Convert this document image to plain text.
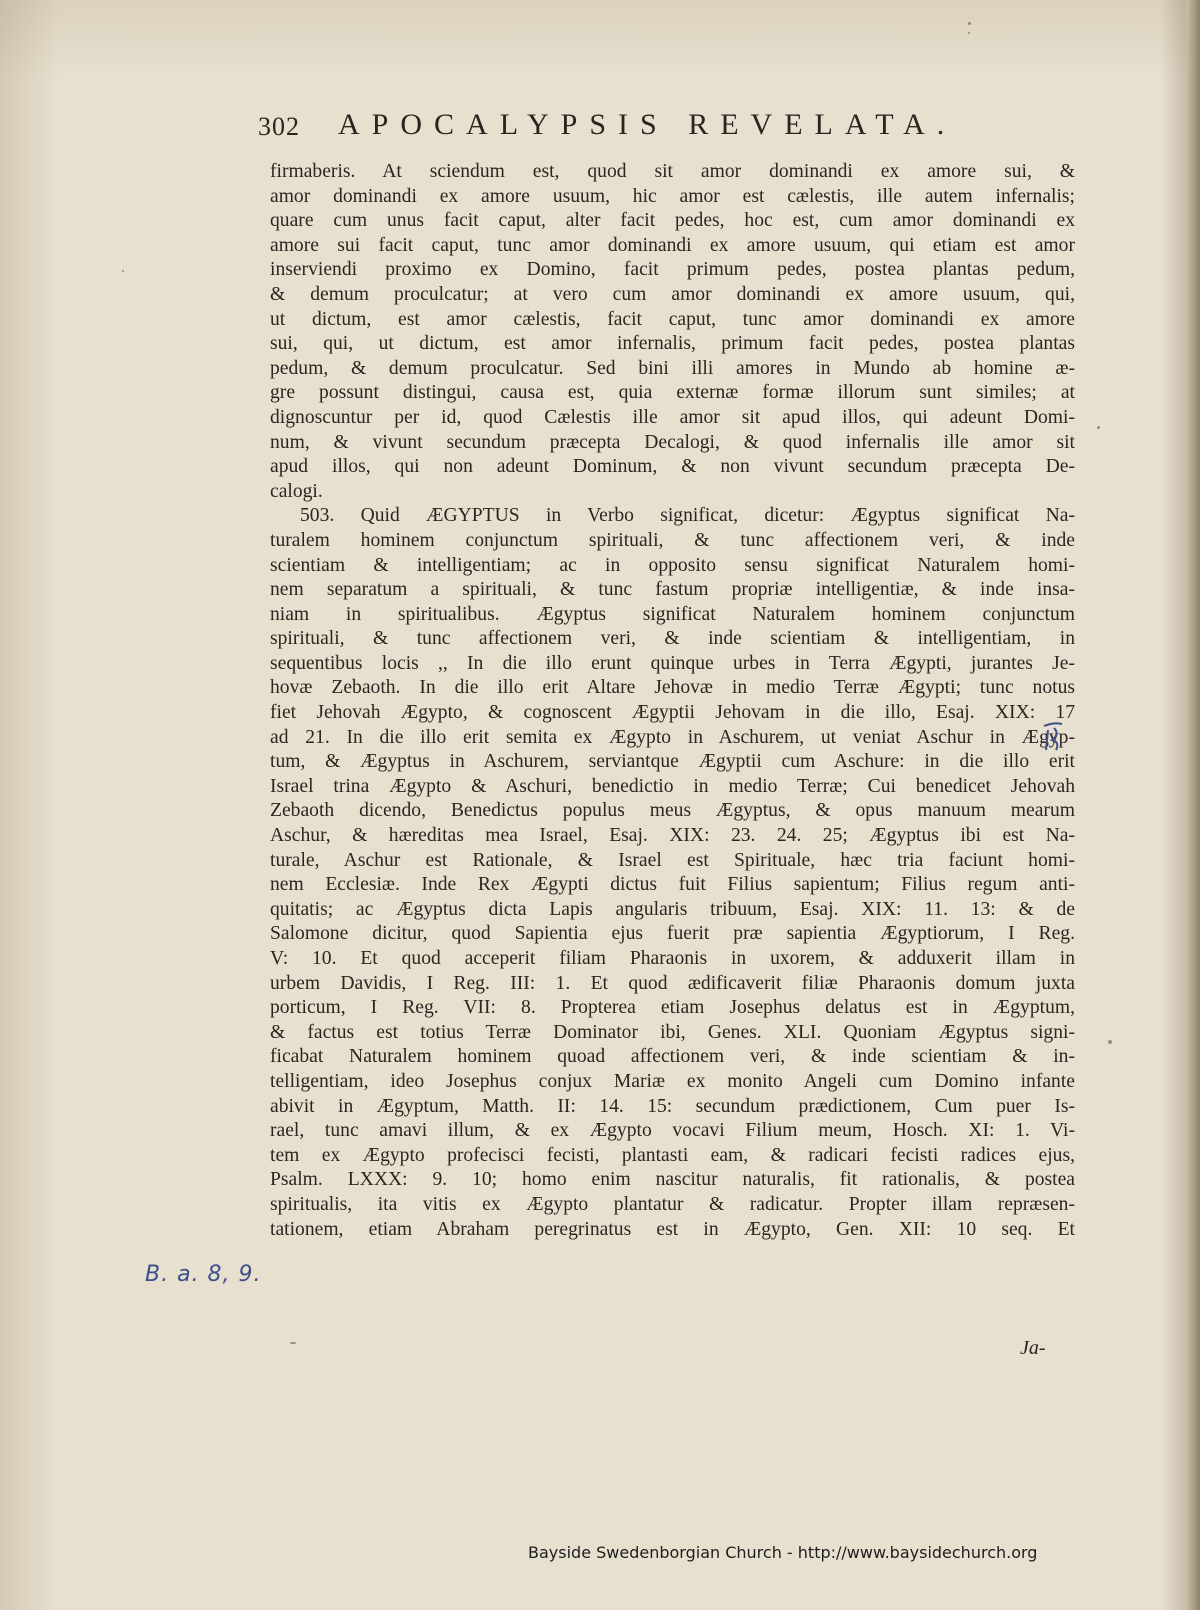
302 APOCALYPSIS REVELATA.
firmaberis. At sciendum est, quod sit amor dominandi ex amore sui, &
amor dominandi ex amore usuum, hic amor est cælestis, ille autem infernalis;
quare cum unus facit caput, alter facit pedes, hoc est, cum amor dominandi ex
amore sui facit caput, tunc amor dominandi ex amore usuum, qui etiam est amor
inserviendi proximo ex Domino, facit primum pedes, postea plantas pedum,
& demum proculcatur; at vero cum amor dominandi ex amore usuum, qui,
ut dictum, est amor cælestis, facit caput, tunc amor dominandi ex amore
sui, qui, ut dictum, est amor infernalis, primum facit pedes, postea plantas
pedum, & demum proculcatur. Sed bini illi amores in Mundo ab homine æ-
gre possunt distingui, causa est, quia externæ formæ illorum sunt similes; at
dignoscuntur per id, quod Cælestis ille amor sit apud illos, qui adeunt Domi-
num, & vivunt secundum præcepta Decalogi, & quod infernalis ille amor sit
apud illos, qui non adeunt Dominum, & non vivunt secundum præcepta De-
calogi.
503. Quid ÆGYPTUS in Verbo significat, dicetur: Ægyptus significat Na-
turalem hominem conjunctum spirituali, & tunc affectionem veri, & inde
scientiam & intelligentiam; ac in opposito sensu significat Naturalem homi-
nem separatum a spirituali, & tunc fastum propriæ intelligentiæ, & inde insa-
niam in spiritualibus. Ægyptus significat Naturalem hominem conjunctum
spirituali, & tunc affectionem veri, & inde scientiam & intelligentiam, in
sequentibus locis ,, In die illo erunt quinque urbes in Terra Ægypti, jurantes Je-
hovæ Zebaoth. In die illo erit Altare Jehovæ in medio Terræ Ægypti; tunc notus
fiet Jehovah Ægypto, & cognoscent Ægyptii Jehovam in die illo, Esaj. XIX: 17
ad 21. In die illo erit semita ex Ægypto in Aschurem, ut veniat Aschur in Ægyp-
tum, & Ægyptus in Aschurem, serviantque Ægyptii cum Aschure: in die illo erit
Israel trina Ægypto & Aschuri, benedictio in medio Terræ; Cui benedicet Jehovah
Zebaoth dicendo, Benedictus populus meus Ægyptus, & opus manuum mearum
Aschur, & hæreditas mea Israel, Esaj. XIX: 23. 24. 25; Ægyptus ibi est Na-
turale, Aschur est Rationale, & Israel est Spirituale, hæc tria faciunt homi-
nem Ecclesiæ. Inde Rex Ægypti dictus fuit Filius sapientum; Filius regum anti-
quitatis; ac Ægyptus dicta Lapis angularis tribuum, Esaj. XIX: 11. 13: & de
Salomone dicitur, quod Sapientia ejus fuerit præ sapientia Ægyptiorum, I Reg.
V: 10. Et quod acceperit filiam Pharaonis in uxorem, & adduxerit illam in
urbem Davidis, I Reg. III: 1. Et quod ædificaverit filiæ Pharaonis domum juxta
porticum, I Reg. VII: 8. Propterea etiam Josephus delatus est in Ægyptum,
& factus est totius Terræ Dominator ibi, Genes. XLI. Quoniam Ægyptus signi-
ficabat Naturalem hominem quoad affectionem veri, & inde scientiam & in-
telligentiam, ideo Josephus conjux Mariæ ex monito Angeli cum Domino infante
abivit in Ægyptum, Matth. II: 14. 15: secundum prædictionem, Cum puer Is-
rael, tunc amavi illum, & ex Ægypto vocavi Filium meum, Hosch. XI: 1. Vi-
tem ex Ægypto profecisci fecisti, plantasti eam, & radicari fecisti radices ejus,
Psalm. LXXX: 9. 10; homo enim nascitur naturalis, fit rationalis, & postea
spiritualis, ita vitis ex Ægypto plantatur & radicatur. Propter illam repræsen-
tationem, etiam Abraham peregrinatus est in Ægypto, Gen. XII: 10 seq. Et
Ja-
B. a. 8, 9.
Bayside Swedenborgian Church - http://www.baysidechurch.org
